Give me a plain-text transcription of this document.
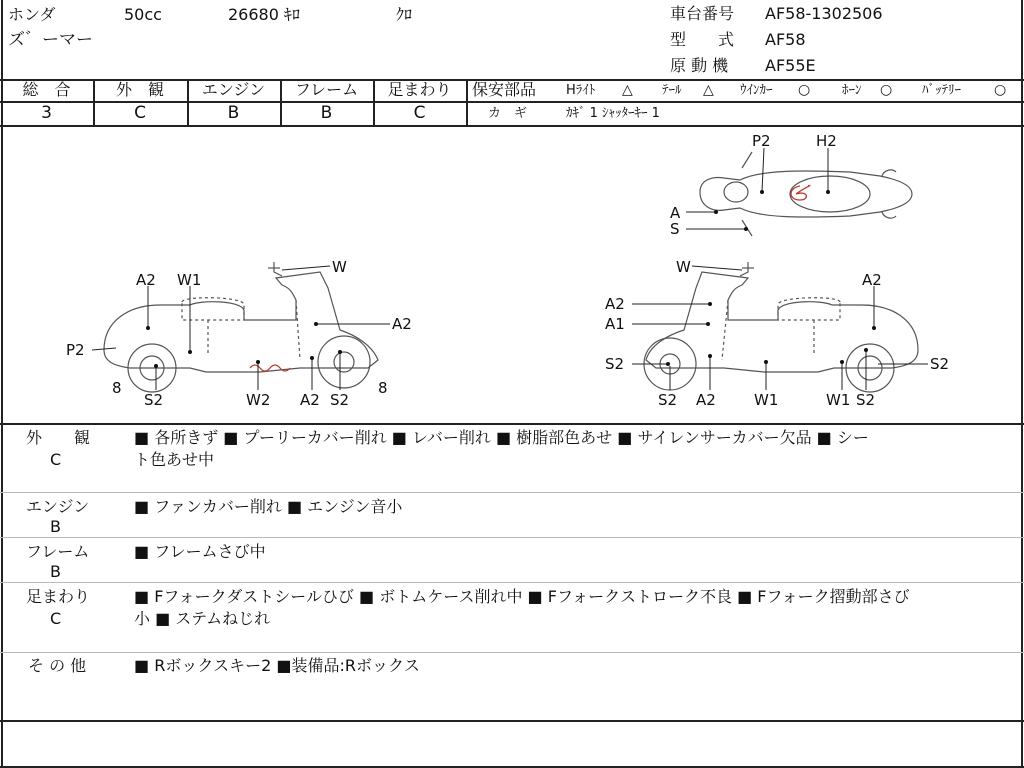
ホンダ	50cc	26680 ｷﾛ	ｸﾛ
ズ゛ーマー
車台番号 AF58-1302506
型　　式 AF58
原 動 機 AF55E
総　合	外　観	エンジン	フレーム	足まわり
3	C	B	B	C
保安部品 Hﾗｲﾄ △ ﾃｰﾙ △ ｳｲﾝｶｰ ○ ﾎｰﾝ ○ ﾊﾞｯﾃﾘｰ ○
カ　ギ	ｶｷﾞ 1 ｼｬｯﾀｰｷｰ 1
A2 W1
W
A2
P2
8
S2	W2 A2 S2
8
W
A2
A2
A1
S2
S2
S2
A2	W1	W1 S2
P2	H2
A
S
外　　観
C
■ 各所きず ■ プーリーカバー削れ ■ レバー削れ ■ 樹脂部色あせ ■ サイレンサーカバー欠品 ■ シー
ト色あせ中
エンジン
B
■ ファンカバー削れ ■ エンジン音小
フレーム
B
■ フレームさび中
足まわり
C
■ Fフォークダストシールひび ■ ボトムケース削れ中 ■ Fフォークストローク不良 ■ Fフォーク摺動部さび
小 ■ ステムねじれ
そ の 他	■ Rボックスキー2 ■装備品:Rボックス
